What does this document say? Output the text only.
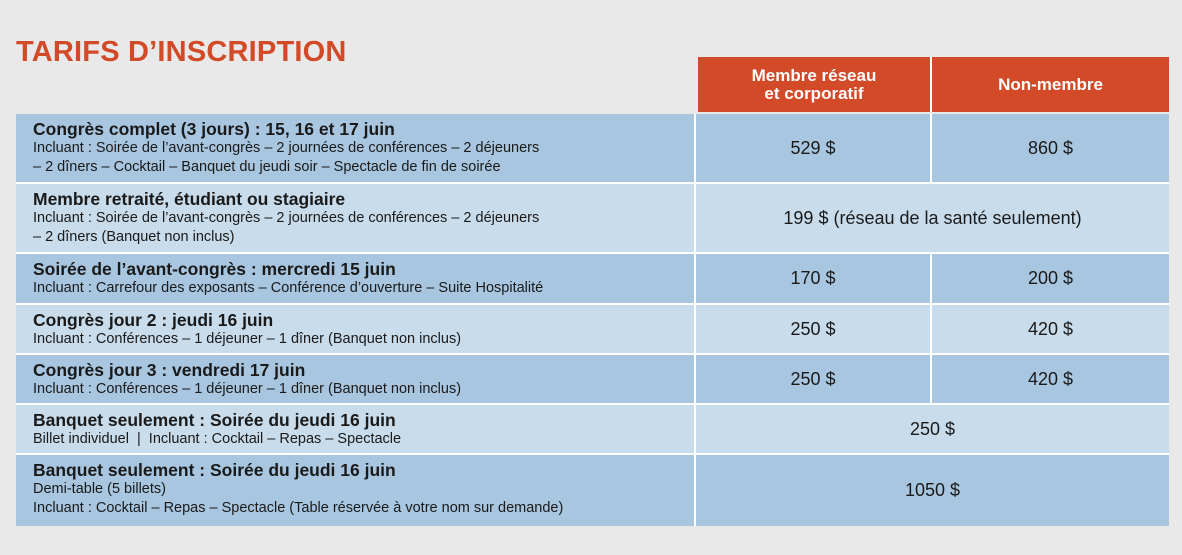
TARIFS D’INSCRIPTION
Membre réseau
et corporatif	Non-membre
Congrès complet (3 jours) : 15, 16 et 17 juin
Incluant : Soirée de l’avant-congrès – 2 journées de conférences – 2 déjeuners
– 2 dîners – Cocktail – Banquet du jeudi soir – Spectacle de fin de soirée
529 $	860 $
Membre retraité, étudiant ou stagiaire
Incluant : Soirée de l’avant-congrès – 2 journées de conférences – 2 déjeuners
– 2 dîners (Banquet non inclus)
199 $ (réseau de la santé seulement)
Soirée de l’avant-congrès : mercredi 15 juin
Incluant : Carrefour des exposants – Conférence d’ouverture – Suite Hospitalité	170 $	200 $
Congrès jour 2 : jeudi 16 juin
Incluant : Conférences – 1 déjeuner – 1 dîner (Banquet non inclus)
250 $	420 $
Congrès jour 3 : vendredi 17 juin
Incluant : Conférences – 1 déjeuner – 1 dîner (Banquet non inclus)
250 $	420 $
Banquet seulement : Soirée du jeudi 16 juin
Billet individuel  |  Incluant : Cocktail – Repas – Spectacle
250 $
Banquet seulement : Soirée du jeudi 16 juin
Demi-table (5 billets)
Incluant : Cocktail – Repas – Spectacle (Table réservée à votre nom sur demande)
1050 $
